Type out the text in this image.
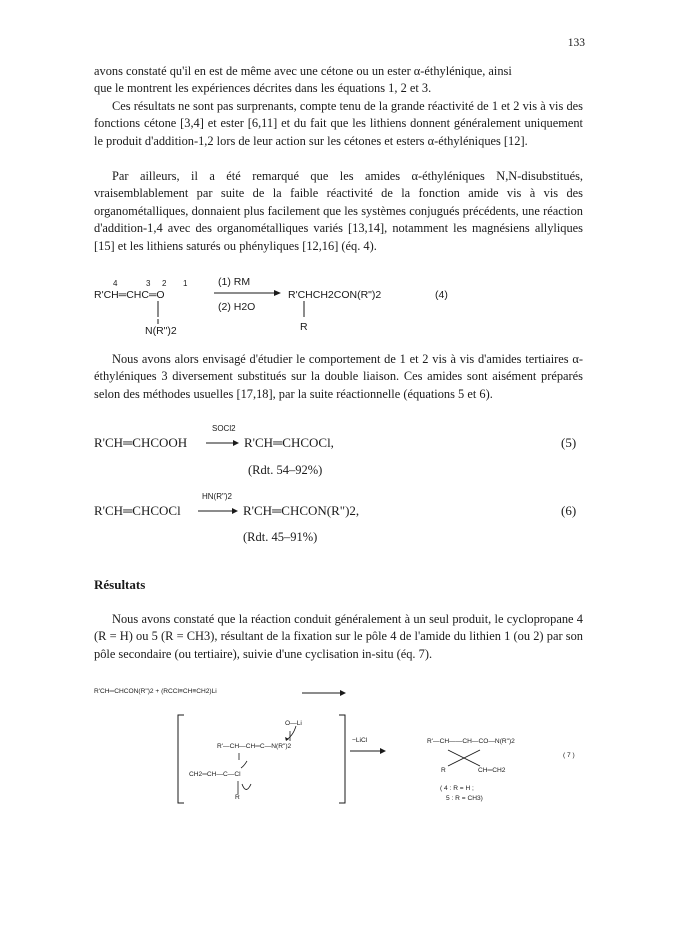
133

avons constaté qu'il en est de même avec une cétone ou un ester α-éthylénique, ainsi

que le montrent les expériences décrites dans les équations 1, 2 et 3.

Ces résultats ne sont pas surprenants, compte tenu de la grande réactivité de 1 et 2 vis à vis des fonctions cétone [3,4] et ester [6,11] et du fait que les lithiens donnent généralement uniquement le produit d'addition-1,2 lors de leur action sur les cétones et esters α-éthyléniques [12].

Par ailleurs, il a été remarqué que les amides α-éthyléniques N,N-disubstitués, vraisemblablement par suite de la faible réactivité de la fonction amide vis à vis des organométalliques, donnaient plus facilement que les systèmes conjugués précédents, une réaction d'addition-1,4 avec des organométalliques variés [13,14], notamment les magnésiens allyliques [15] et les lithiens saturés ou phényliques [12,16] (éq. 4).

4	3 2 1
R'CH═CHC═O
(1) RM
(2) H2O
N(R")2
R'CHCH2CON(R")2
R
(4)

Nous avons alors envisagé d'étudier le comportement de 1 et 2 vis à vis d'amides tertiaires α-éthyléniques 3 diversement substitués sur la double liaison. Ces amides sont aisément préparés selon des méthodes usuelles [17,18], par la suite réactionnelle (équations 5 et 6).

R'CH═CHCOOH
SOCl2
R'CH═CHCOCl,
(Rdt. 54–92%)
(5)
R'CH═CHCOCl
HN(R")2
R'CH═CHCON(R")2,
(Rdt. 45–91%)
(6)
Résultats

Nous avons constaté que la réaction conduit généralement à un seul produit, le cyclopropane 4 (R = H) ou 5 (R = CH3), résultant de la fixation sur le pôle 4 de l'amide du lithien 1 (ou 2) par son pôle secondaire (ou tertiaire), suivie d'une cyclisation in-situ (éq. 7).

R'CH═CHCON(R")2 + (RCCl≡CH≡CH2)Li
O—Li
R'—CH—CH═C—N(R")2
CH2═CH—C—Cl
R
−LiCl	R'—CH——CH—CO—N(R")2
R	CH═CH2
( 4 : R = H ;
5 : R = CH3)
( 7 )
